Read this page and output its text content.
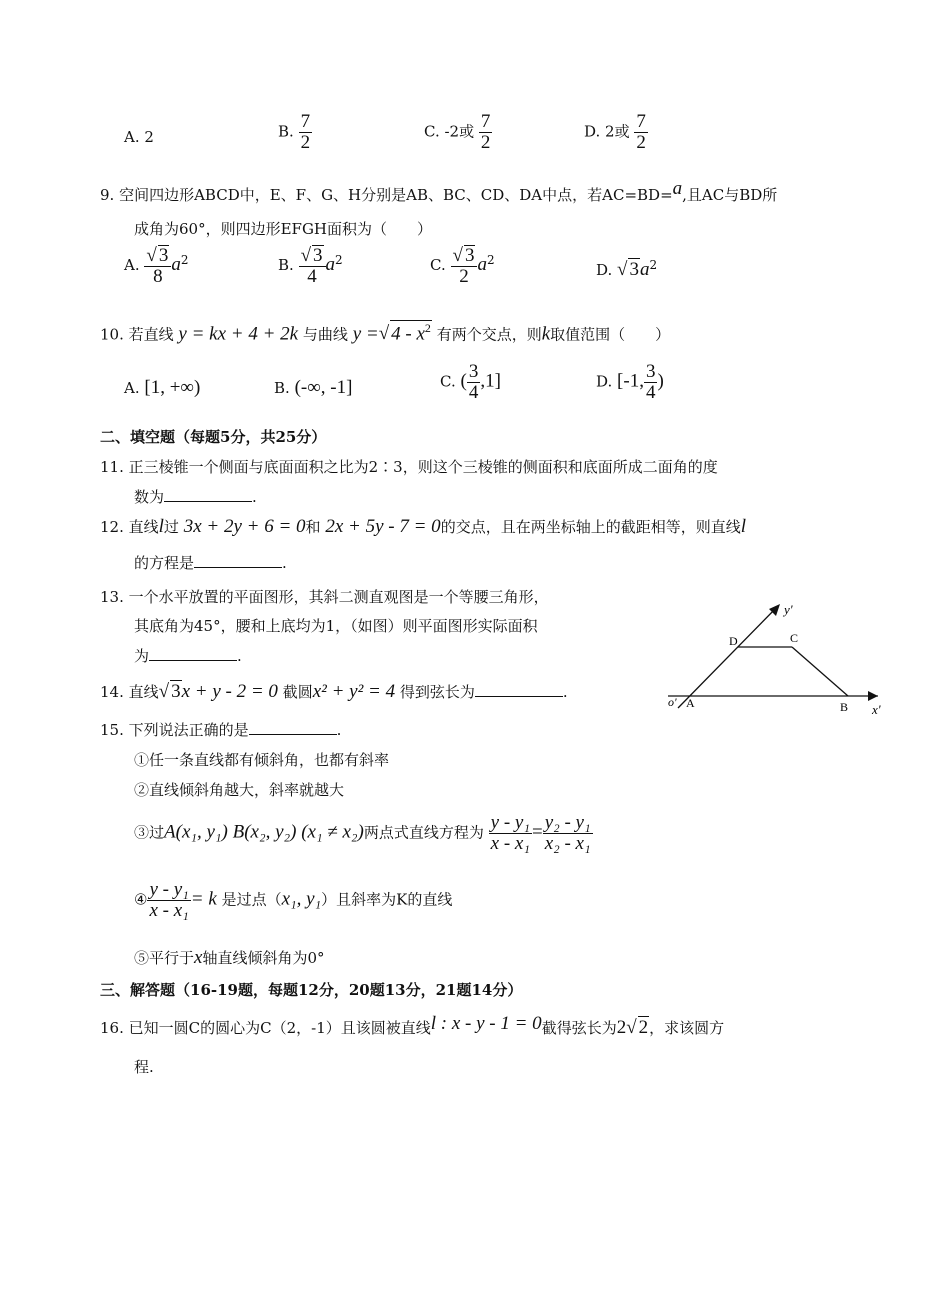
A. 2	B. $\frac{7}{2}$	C. -2或 $\frac{7}{2}$	D. 2或 $\frac{7}{2}$
9. 空间四边形ABCD中，E、F、G、H分别是AB、BC、CD、DA中点，若AC=BD=a,且AC与BD所
成角为60°，则四边形EFGH面积为（　　）
A. $\frac{√ 3}{8} a^2$	B. $\frac{√ 3}{4} a^2$	C. $\frac{√ 3}{2} a^2$
D. √ $3a^2$
10. 若直线 y = kx + 4 + 2k 与曲线 y =√ $4 - x^2$ 有两个交点，则k取值范围（　　）
A. [1, +∞)	B. (-∞, -1]	C. ( $\frac{3}{4} ,1$]	D. [-1, $\frac{3}{4}$ )
二、填空题（每题5分，共25分）
11. 正三棱锥一个侧面与底面面积之比为2∶3，则这个三棱锥的侧面积和底面所成二面角的度
数为	.
12. 直线l过 3x + 2y + 6 = 0和 2x + 5y - 7 = 0的交点，且在两坐标轴上的截距相等，则直线l
的方程是	.
13. 一个水平放置的平面图形，其斜二测直观图是一个等腰三角形，
其底角为45°，腰和上底均为1，（如图）则平面图形实际面积
为	.
y'
x'
o' A	B
C
D
14. 直线√ 3x + y - 2 = 0 截圆x² + y² = 4 得到弦长为	.
15. 下列说法正确的是	.
①任一条直线都有倾斜角，也都有斜率
②直线倾斜角越大，斜率就越大
③过A(x₁, y₁) B(x₂, y₂) (x₁ ≠ x₂)两点式直线方程为 $\frac{\text{y - y₁}}{\text{x - x₁}} = \frac{\text{y₂ - y₁}}{\text{x₂ - x₁}}$
④ $\frac{\text{y - y₁}}{\text{x - x₁}} = k$ 是过点（x₁, y₁）且斜率为K的直线
⑤平行于x轴直线倾斜角为0°
三、解答题（16-19题，每题12分，20题13分，21题14分）
16. 已知一圆C的圆心为C（2，-1）且该圆被直线l : x - y - 1 = 0截得弦长为2√ 2，求该圆方
程.
